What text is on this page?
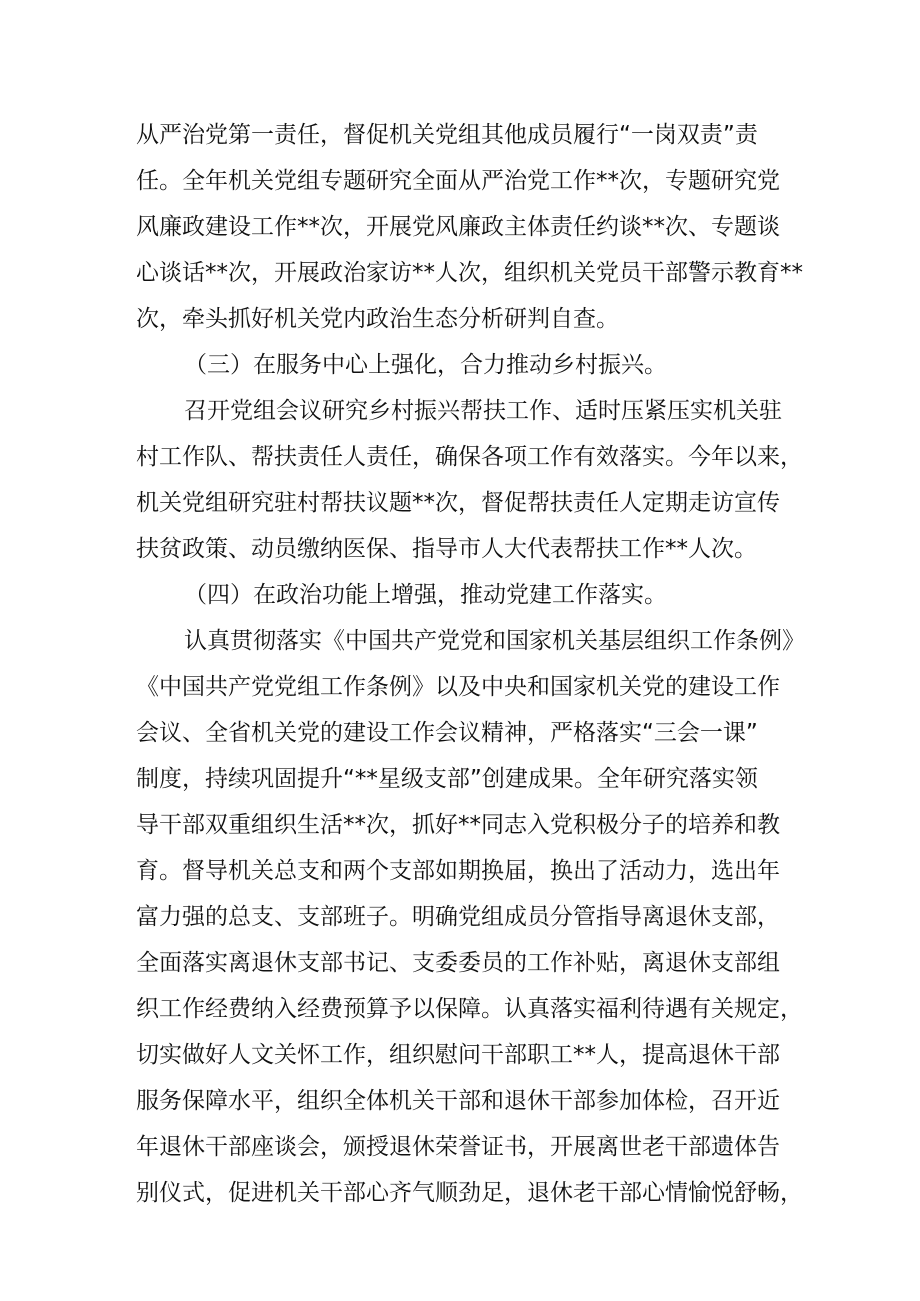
从严治党第一责任，督促机关党组其他成员履行“一岗双责”责

任。全年机关党组专题研究全面从严治党工作**次，专题研究党

风廉政建设工作**次，开展党风廉政主体责任约谈**次、专题谈

心谈话**次，开展政治家访**人次，组织机关党员干部警示教育**

次，牵头抓好机关党内政治生态分析研判自查。

（三）在服务中心上强化，合力推动乡村振兴。

召开党组会议研究乡村振兴帮扶工作、适时压紧压实机关驻

村工作队、帮扶责任人责任，确保各项工作有效落实。今年以来，

机关党组研究驻村帮扶议题**次，督促帮扶责任人定期走访宣传

扶贫政策、动员缴纳医保、指导市人大代表帮扶工作**人次。

（四）在政治功能上增强，推动党建工作落实。

认真贯彻落实《中国共产党党和国家机关基层组织工作条例》

《中国共产党党组工作条例》以及中央和国家机关党的建设工作

会议、全省机关党的建设工作会议精神，严格落实“三会一课”

制度，持续巩固提升“**星级支部”创建成果。全年研究落实领

导干部双重组织生活**次，抓好**同志入党积极分子的培养和教

育。督导机关总支和两个支部如期换届，换出了活动力，选出年

富力强的总支、支部班子。明确党组成员分管指导离退休支部，

全面落实离退休支部书记、支委委员的工作补贴，离退休支部组

织工作经费纳入经费预算予以保障。认真落实福利待遇有关规定，

切实做好人文关怀工作，组织慰问干部职工**人，提高退休干部

服务保障水平，组织全体机关干部和退休干部参加体检，召开近

年退休干部座谈会，颁授退休荣誉证书，开展离世老干部遗体告

别仪式，促进机关干部心齐气顺劲足，退休老干部心情愉悦舒畅，
